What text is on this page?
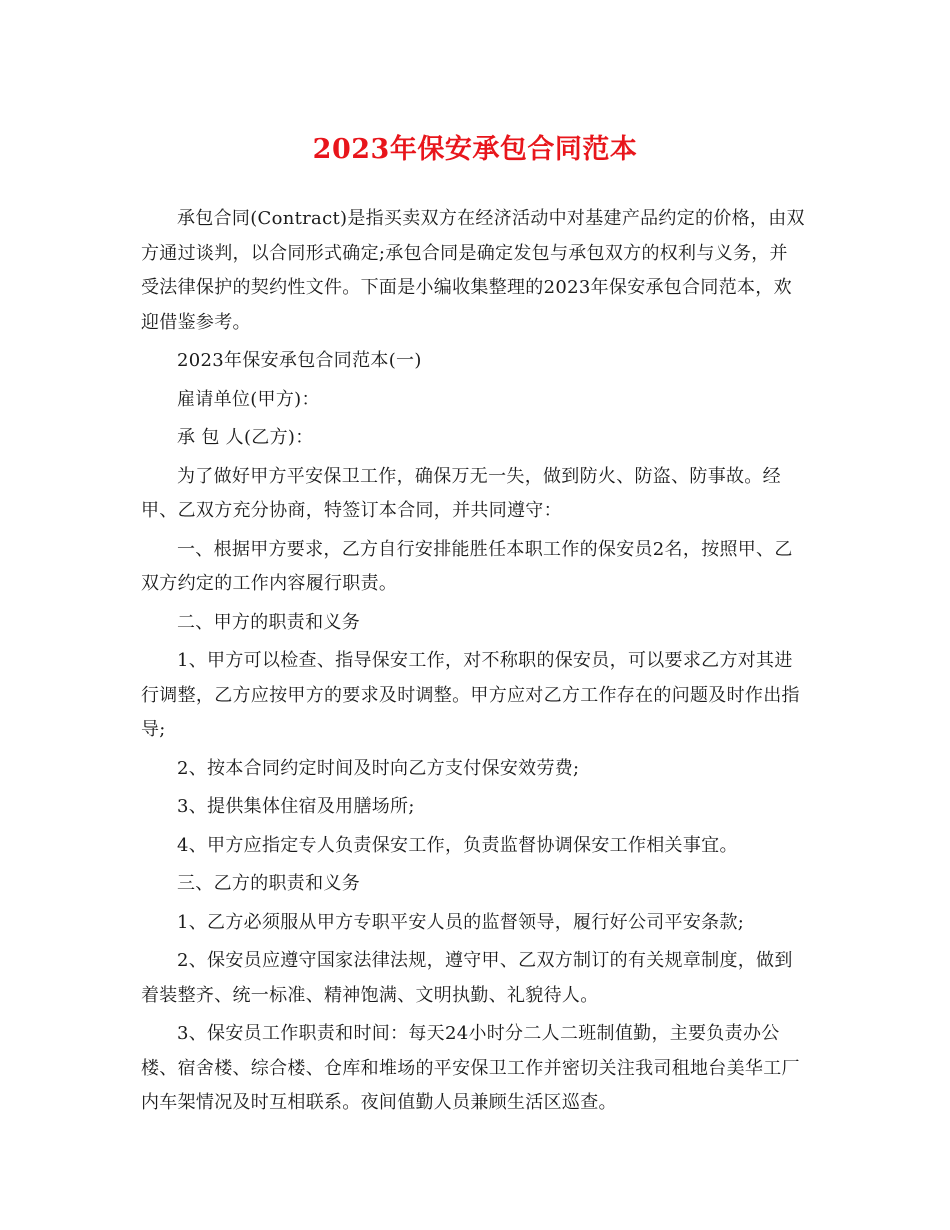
2023年保安承包合同范本
承包合同(Contract)是指买卖双方在经济活动中对基建产品约定的价格，由双
方通过谈判，以合同形式确定;承包合同是确定发包与承包双方的权利与义务，并
受法律保护的契约性文件。下面是小编收集整理的2023年保安承包合同范本，欢
迎借鉴参考。
2023年保安承包合同范本(一)
雇请单位(甲方)：
承 包 人(乙方)：
为了做好甲方平安保卫工作，确保万无一失，做到防火、防盗、防事故。经
甲、乙双方充分协商，特签订本合同，并共同遵守：
一、根据甲方要求，乙方自行安排能胜任本职工作的保安员2名，按照甲、乙
双方约定的工作内容履行职责。
二、甲方的职责和义务
1、甲方可以检查、指导保安工作，对不称职的保安员，可以要求乙方对其进
行调整，乙方应按甲方的要求及时调整。甲方应对乙方工作存在的问题及时作出指
导;
2、按本合同约定时间及时向乙方支付保安效劳费;
3、提供集体住宿及用膳场所;
4、甲方应指定专人负责保安工作，负责监督协调保安工作相关事宜。
三、乙方的职责和义务
1、乙方必须服从甲方专职平安人员的监督领导，履行好公司平安条款;
2、保安员应遵守国家法律法规，遵守甲、乙双方制订的有关规章制度，做到
着装整齐、统一标准、精神饱满、文明执勤、礼貌待人。
3、保安员工作职责和时间：每天24小时分二人二班制值勤，主要负责办公
楼、宿舍楼、综合楼、仓库和堆场的平安保卫工作并密切关注我司租地台美华工厂
内车架情况及时互相联系。夜间值勤人员兼顾生活区巡查。
